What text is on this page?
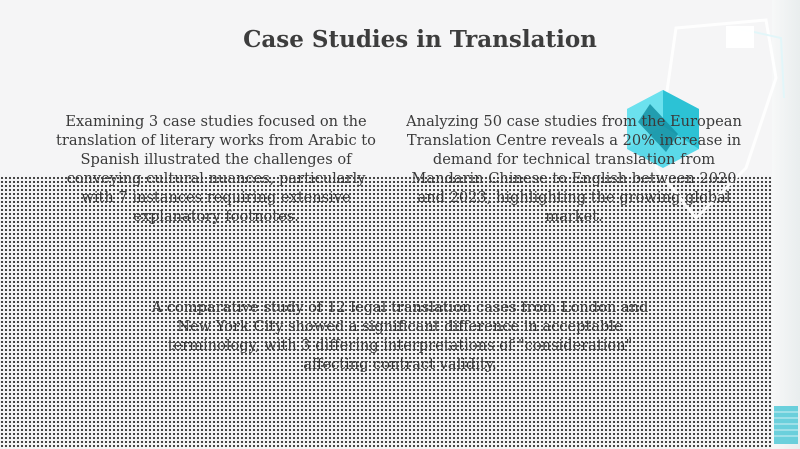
Case Studies in Translation

Examining 3 case studies focused on the translation of literary works from Arabic to Spanish illustrated the challenges of conveying cultural nuances, particularly with 7 instances requiring extensive explanatory footnotes.

Analyzing 50 case studies from the European Translation Centre reveals a 20% increase in demand for technical translation from Mandarin Chinese to English between 2020 and 2023, highlighting the growing global market.

A comparative study of 12 legal translation cases from London and New York City showed a significant difference in acceptable terminology, with 3 differing interpretations of "consideration" affecting contract validity.
